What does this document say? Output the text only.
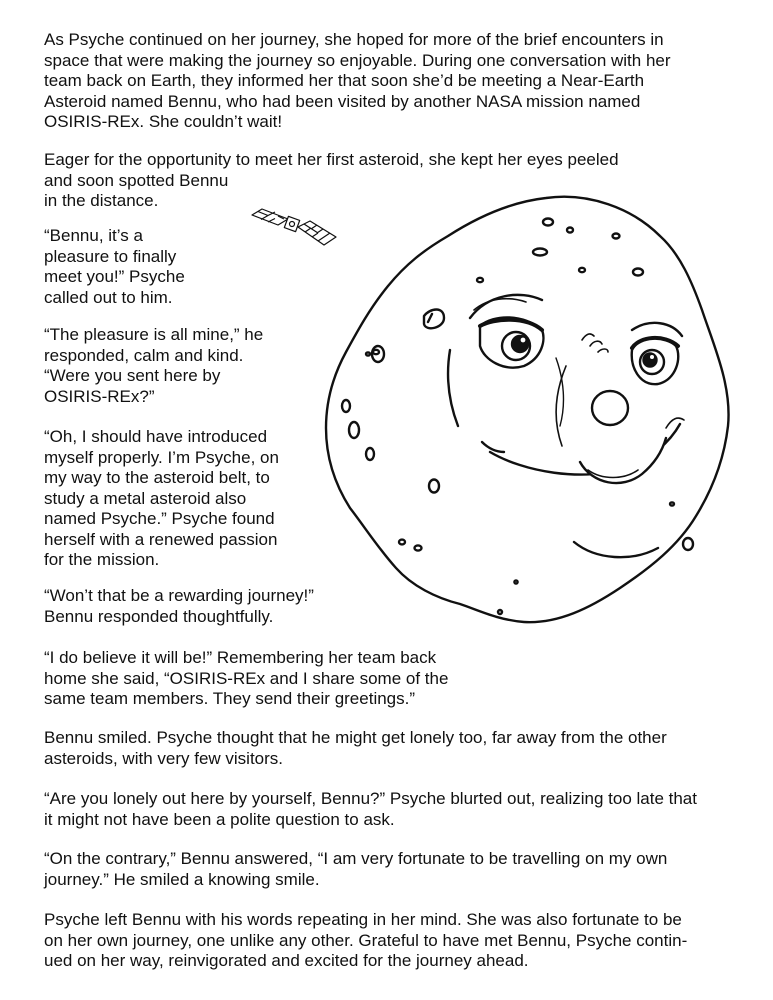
As Psyche continued on her journey, she hoped for more of the brief encounters in
space that were making the journey so enjoyable. During one conversation with her
team back on Earth, they informed her that soon she’d be meeting a Near-Earth
Asteroid named Bennu, who had been visited by another NASA mission named
OSIRIS-REx. She couldn’t wait!

Eager for the opportunity to meet her first asteroid, she kept her eyes peeled
and soon spotted Bennu
in the distance.

“Bennu, it’s a
pleasure to finally
meet you!” Psyche
called out to him.

“The pleasure is all mine,” he
responded, calm and kind.
“Were you sent here by
OSIRIS-REx?”

“Oh, I should have introduced
myself properly. I’m Psyche, on
my way to the asteroid belt, to
study a metal asteroid also
named Psyche.” Psyche found
herself with a renewed passion
for the mission.

“Won’t that be a rewarding journey!”
Bennu responded thoughtfully.

“I do believe it will be!” Remembering her team back
home she said, “OSIRIS-REx and I share some of the
same team members. They send their greetings.”

Bennu smiled. Psyche thought that he might get lonely too, far away from the other
asteroids, with very few visitors.

“Are you lonely out here by yourself, Bennu?” Psyche blurted out, realizing too late that
it might not have been a polite question to ask.

“On the contrary,” Bennu answered, “I am very fortunate to be travelling on my own
journey.” He smiled a knowing smile.

Psyche left Bennu with his words repeating in her mind. She was also fortunate to be
on her own journey, one unlike any other. Grateful to have met Bennu, Psyche contin-
ued on her way, reinvigorated and excited for the journey ahead.
